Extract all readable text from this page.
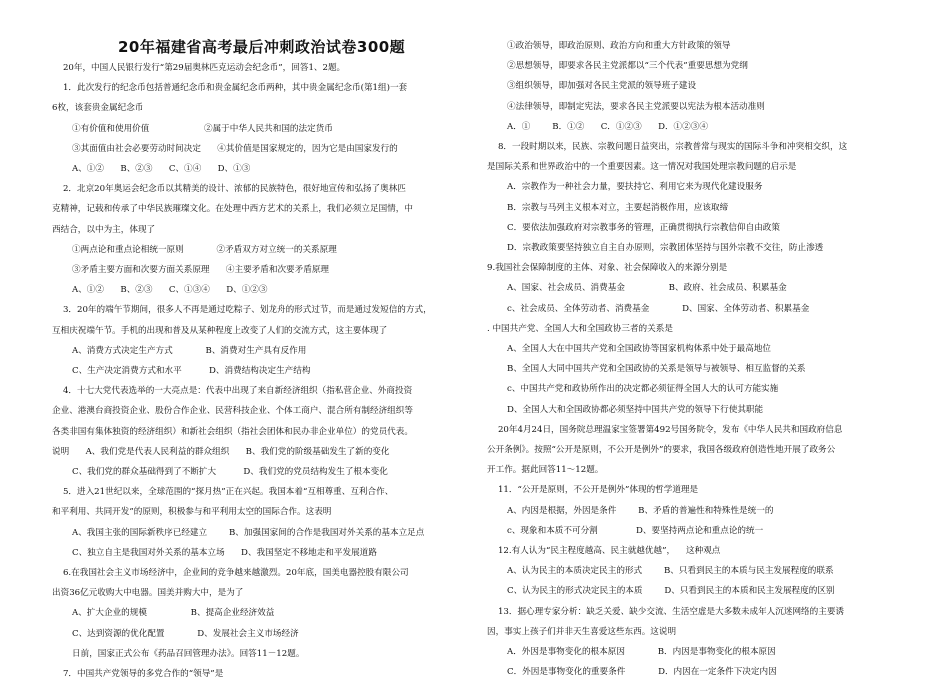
20年福建省高考最后冲刺政治试卷300题

20年，中国人民银行发行“第29届奥林匹克运动会纪念币”，回答1、2题。

1．此次发行的纪念币包括普通纪念币和贵金属纪念币两种，其中贵金属纪念币(第1组)一套

6枚，该套贵金属纪念币

①有价值和使用价值                    ②属于中华人民共和国的法定货币

③其面值由社会必要劳动时间决定      ④其价值是国家规定的，因为它是由国家发行的

A、①②      B、②③      C、①④      D、①③

2．北京20年奥运会纪念币以其精美的设计、浓郁的民族特色，很好地宣传和弘扬了奥林匹

克精神，记载和传承了中华民族璀璨文化。在处理中西方艺术的关系上，我们必须立足国情，中

西结合，以中为主，体现了

①两点论和重点论相统一原则            ②矛盾双方对立统一的关系原理

③矛盾主要方面和次要方面关系原理      ④主要矛盾和次要矛盾原理

A、①②      B、②③      C、①③④      D、①②③

3．20年的端午节期间，很多人不再是通过吃粽子、划龙舟的形式过节，而是通过发短信的方式，

互相庆祝端午节。手机的出现和普及从某种程度上改变了人们的交流方式，这主要体现了

A、消费方式决定生产方式            B、消费对生产具有反作用

C、生产决定消费方式和水平          D、消费结构决定生产结构

4．十七大党代表选举的一大亮点是：代表中出现了来自新经济组织（指私营企业、外商投资

企业、港澳台商投资企业、股份合作企业、民营科技企业、个体工商户、混合所有制经济组织等

各类非国有集体独资的经济组织）和新社会组织（指社会团体和民办非企业单位）的党员代表。

说明      A、我们党是代表人民利益的群众组织      B、我们党的阶级基础发生了新的变化

C、我们党的群众基础得到了不断扩大          D、我们党的党员结构发生了根本变化

5．进入21世纪以来，全球范围的“探月热”正在兴起。我国本着“互相尊重、互利合作、

和平利用、共同开发”的原则，积极参与和平利用太空的国际合作。这表明

A、我国主张的国际新秩序已经建立        B、加强国家间的合作是我国对外关系的基本立足点

C、独立自主是我国对外关系的基本立场      D、我国坚定不移地走和平发展道路

6.在我国社会主义市场经济中，企业间的竞争越来越激烈。20年底，国美电器控股有限公司

出资36亿元收购大中电器。国美并购大中，是为了

A、扩大企业的规模                B、提高企业经济效益

C、达到资源的优化配置            D、发展社会主义市场经济

日前，国家正式公布《药品召回管理办法》。回答11－12题。

7．中国共产党领导的多党合作的“领导”是

①政治领导，即政治原则、政治方向和重大方针政策的领导

②思想领导，即要求各民主党派都以“三个代表”重要思想为党纲

③组织领导，即加强对各民主党派的领导班子建设

④法律领导，即制定宪法，要求各民主党派要以宪法为根本活动准则

A．①        B．①②      C．①②③      D．①②③④

8．一段时期以来，民族、宗教问题日益突出，宗教普常与现实的国际斗争和冲突相交织，这

是国际关系和世界政治中的一个重要因素。这一情况对我国处理宗教问题的启示是

A．宗教作为一种社会力量，要扶持它、利用它来为现代化建设服务

B．宗教与马列主义根本对立，主要起消极作用，应该取缔

C．要依法加强政府对宗教事务的管理，正确贯彻执行宗教信仰自由政策

D．宗教政策要坚持独立自主自办原则，宗教团体坚持与国外宗教不交往，防止渗透

9.我国社会保障制度的主体、对象、社会保障收入的来源分别是

A、国家、社会成员、消费基金                B、政府、社会成员、积累基金

c、社会成员、全体劳动者、消费基金            D、国家、全体劳动者、积累基金

. 中国共产党、全国人大和全国政协三者的关系是

A、全国人大在中国共产党和全国政协等国家机构体系中处于最高地位

B、全国人大同中国共产党和全国政协的关系是领导与被领导、相互监督的关系

c、中国共产党和政协所作出的决定都必须征得全国人大的认可方能实施

D、全国人大和全国政协都必须坚持中国共产党的领导下行使其职能

20年4月24日，国务院总理温家宝签署第492号国务院令，发布《中华人民共和国政府信息

公开条例》。按照“公开是原则，不公开是例外”的要求，我国各级政府创造性地开展了政务公

开工作。据此回答11～12题。

11．“公开是原则，不公开是例外”体现的哲学道理是

A、内因是根据，外因是条件        B、矛盾的普遍性和特殊性是统一的

c、现象和本质不可分割              D、要坚持两点论和重点论的统一

12.有人认为“民主程度越高、民主就越优越”，    这种观点

A、认为民主的本质决定民主的形式        B、只看到民主的本质与民主发展程度的联系

C、认为民主的形式决定民主的本质        D、只看到民主的本质和民主发展程度的区别

13．据心理专家分析：缺乏关爱、缺少交流、生活空虚是大多数未成年人沉迷网络的主要诱

因，事实上孩子们并非天生喜爱这些东西。这说明

A．外因是事物变化的根本原因            B．内因是事物变化的根本原因

C．外因是事物变化的重要条件            D．内因在一定条件下决定内因
